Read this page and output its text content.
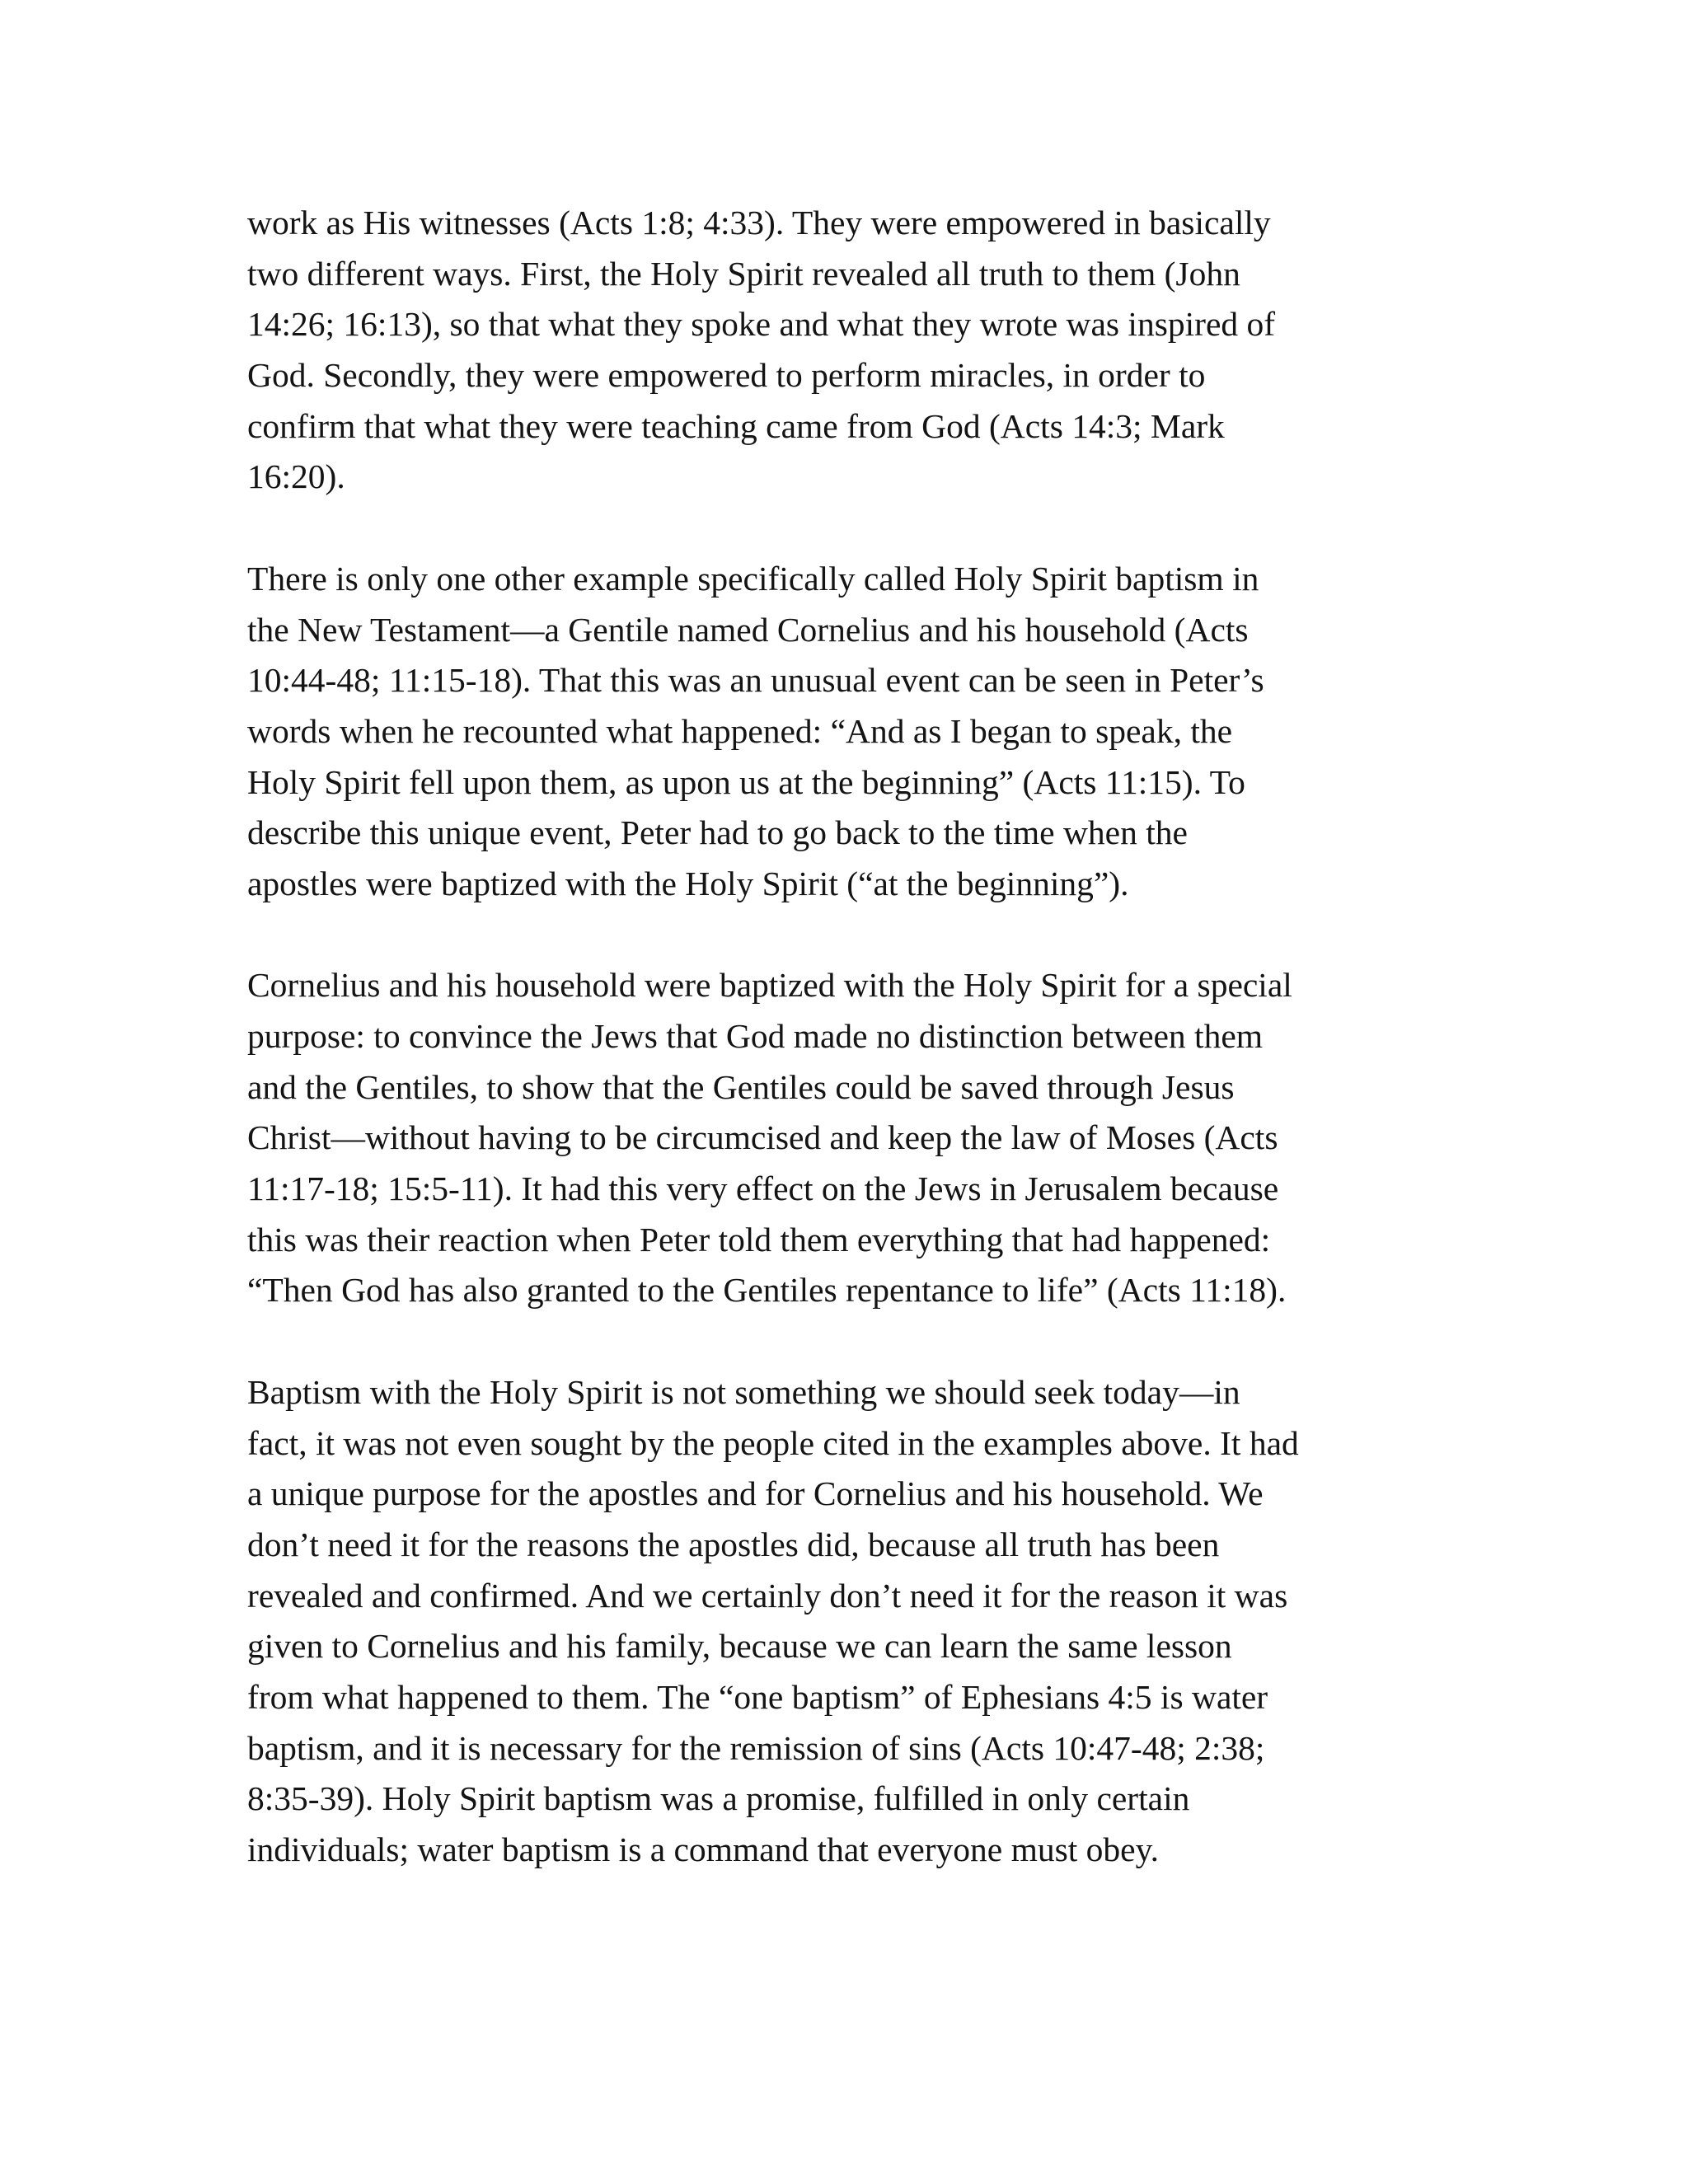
work as His witnesses (Acts 1:8; 4:33). They were empowered in basically
two different ways. First, the Holy Spirit revealed all truth to them (John
14:26; 16:13), so that what they spoke and what they wrote was inspired of
God. Secondly, they were empowered to perform miracles, in order to
confirm that what they were teaching came from God (Acts 14:3; Mark
16:20).

There is only one other example specifically called Holy Spirit baptism in
the New Testament—a Gentile named Cornelius and his household (Acts
10:44-48; 11:15-18). That this was an unusual event can be seen in Peter’s
words when he recounted what happened: “And as I began to speak, the
Holy Spirit fell upon them, as upon us at the beginning” (Acts 11:15). To
describe this unique event, Peter had to go back to the time when the
apostles were baptized with the Holy Spirit (“at the beginning”).

Cornelius and his household were baptized with the Holy Spirit for a special
purpose: to convince the Jews that God made no distinction between them
and the Gentiles, to show that the Gentiles could be saved through Jesus
Christ—without having to be circumcised and keep the law of Moses (Acts
11:17-18; 15:5-11). It had this very effect on the Jews in Jerusalem because
this was their reaction when Peter told them everything that had happened:
“Then God has also granted to the Gentiles repentance to life” (Acts 11:18).

Baptism with the Holy Spirit is not something we should seek today—in
fact, it was not even sought by the people cited in the examples above. It had
a unique purpose for the apostles and for Cornelius and his household. We
don’t need it for the reasons the apostles did, because all truth has been
revealed and confirmed. And we certainly don’t need it for the reason it was
given to Cornelius and his family, because we can learn the same lesson
from what happened to them. The “one baptism” of Ephesians 4:5 is water
baptism, and it is necessary for the remission of sins (Acts 10:47-48; 2:38;
8:35-39). Holy Spirit baptism was a promise, fulfilled in only certain
individuals; water baptism is a command that everyone must obey.
